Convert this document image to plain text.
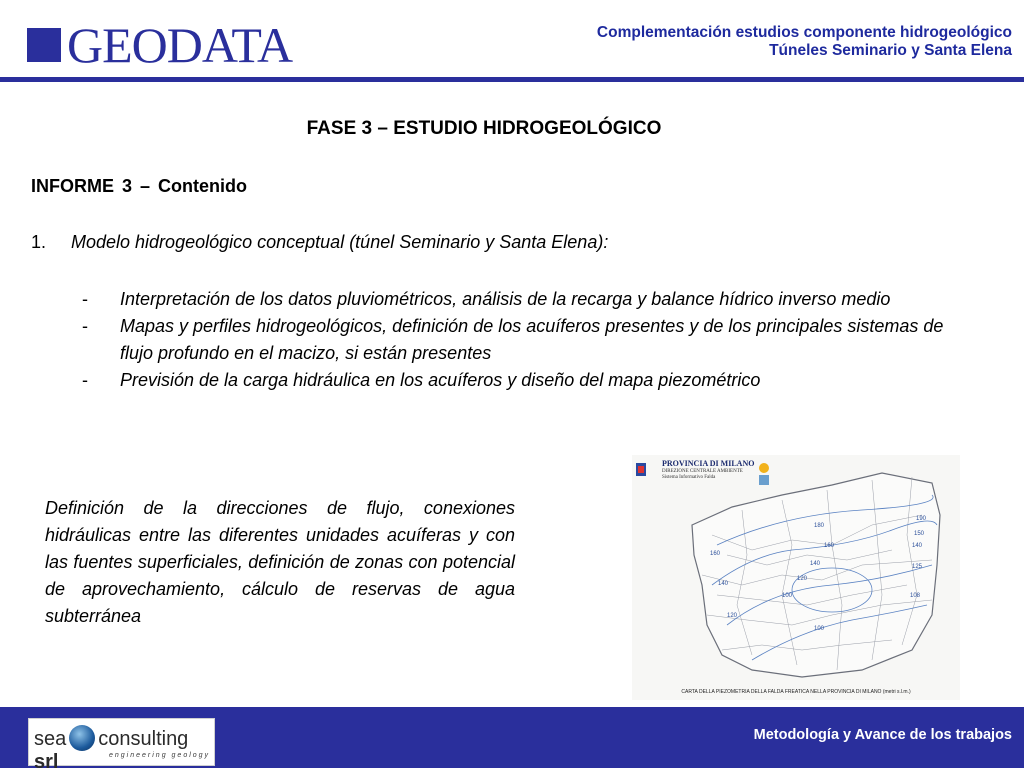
GEODATA	Complementación estudios componente hidrogeológico
Túneles Seminario y Santa Elena
FASE 3 – ESTUDIO HIDROGEOLÓGICO
INFORME 3 – Contenido
1. Modelo hidrogeológico conceptual (túnel Seminario y Santa Elena):
-	Interpretación de los datos pluviométricos, análisis de la recarga y balance hídrico inverso medio
-	Mapas y perfiles hidrogeológicos, definición de los acuíferos presentes y de los principales sistemas de flujo profundo en el macizo, si están presentes
-	Previsión de la carga hidráulica en los acuíferos y diseño del mapa piezométrico
Definición de la direcciones de flujo, conexiones hidráulicas entre las diferentes unidades acuíferas y con las fuentes superficiales, definición de zonas con potencial de aprovechamiento, cálculo de reservas de agua subterránea
180
160
140
120
100
190
150
140
125
108
120
100
140
160
PROVINCIA DI MILANO
DIREZIONE CENTRALE AMBIENTE
Sistema Informativo Falda
CARTA DELLA PIEZOMETRIA DELLA FALDA FREATICA NELLA PROVINCIA DI MILANO (metri s.l.m.)
sea consulting srl	engineering geology
Metodología y Avance de los trabajos
